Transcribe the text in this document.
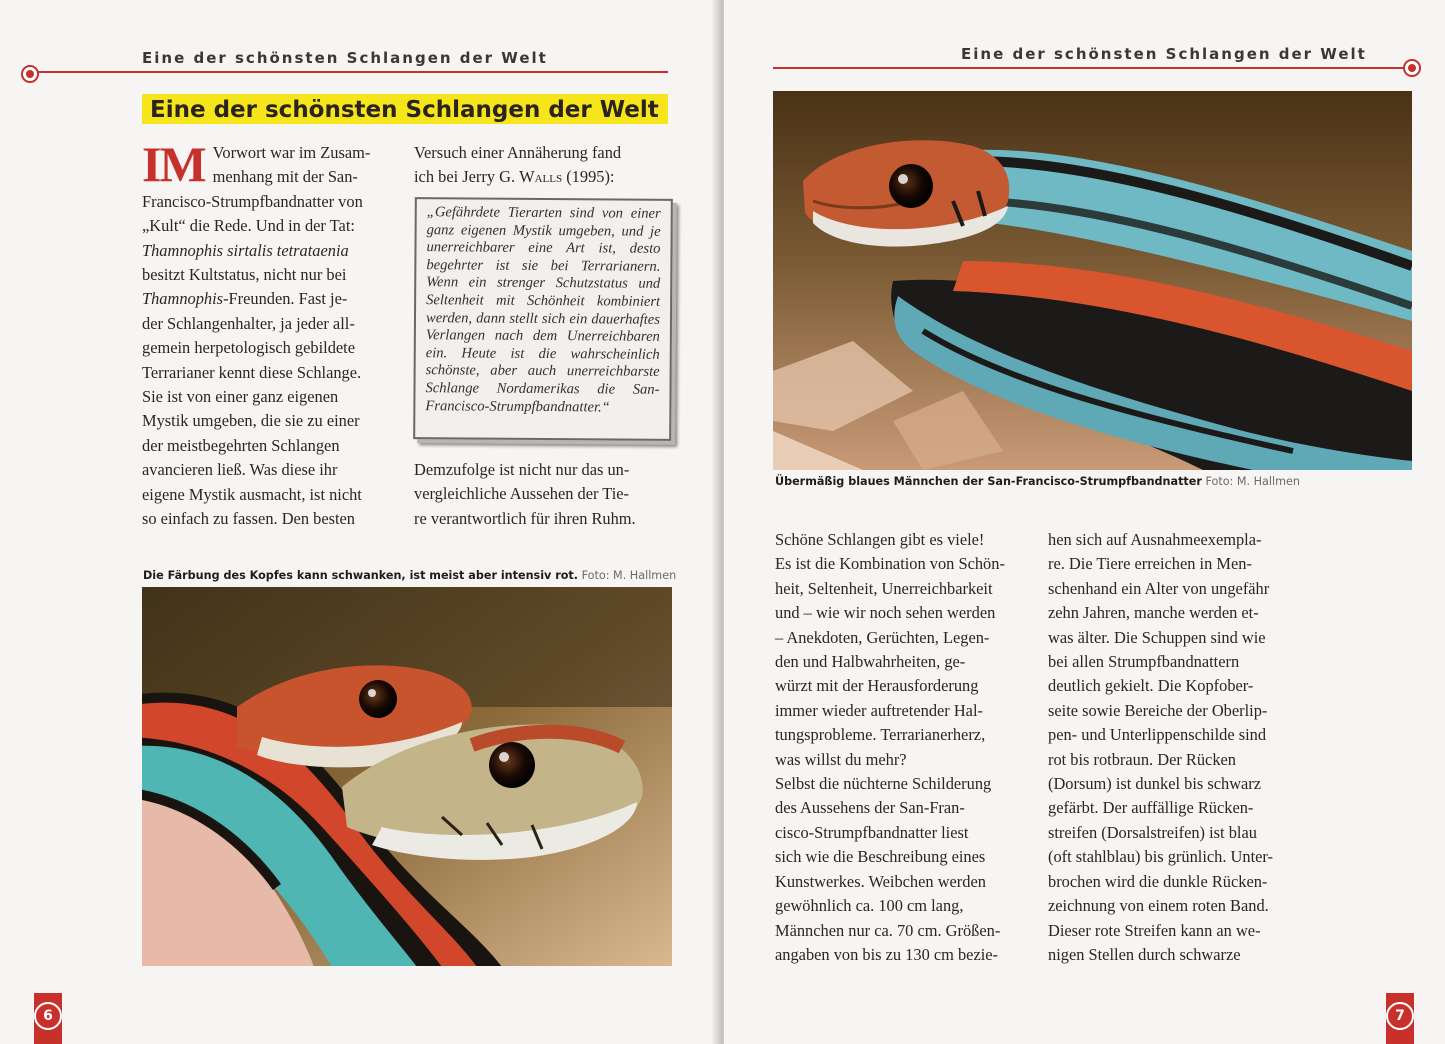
Eine der schönsten Schlangen der Welt
Eine der schönsten Schlangen der Welt
IM Vorwort war im Zusam-

menhang mit der San-

Francisco-Strumpfbandnatter von

„Kult“ die Rede. Und in der Tat:

Thamnophis sirtalis tetrataenia

besitzt Kultstatus, nicht nur bei

Thamnophis-Freunden. Fast je-

der Schlangenhalter, ja jeder all-

gemein herpetologisch gebildete

Terrarianer kennt diese Schlange.

Sie ist von einer ganz eigenen

Mystik umgeben, die sie zu einer

der meistbegehrten Schlangen

avancieren ließ. Was diese ihr

eigene Mystik ausmacht, ist nicht

so einfach zu fassen. Den besten

Versuch einer Annäherung fand

ich bei Jerry G. Walls (1995):

„Gefährdete Tierarten sind von einer ganz eigenen Mystik umgeben, und je unerreichbarer eine Art ist, desto begehrter ist sie bei Terrarianern. Wenn ein strenger Schutzstatus und Seltenheit mit Schönheit kombiniert werden, dann stellt sich ein dauerhaftes Verlangen nach dem Unerreichbaren ein. Heute ist die wahrscheinlich schönste, aber auch unerreichbarste Schlange Nordamerikas die San-Francisco-Strumpfbandnatter.“

Demzufolge ist nicht nur das un-

vergleichliche Aussehen der Tie-

re verantwortlich für ihren Ruhm.

Die Färbung des Kopfes kann schwanken, ist meist aber intensiv rot. Foto: M. Hallmen
6
Eine der schönsten Schlangen der Welt
Übermäßig blaues Männchen der San-Francisco-Strumpfbandnatter Foto: M. Hallmen

Schöne Schlangen gibt es viele!

Es ist die Kombination von Schön-

heit, Seltenheit, Unerreichbarkeit

und – wie wir noch sehen werden

– Anekdoten, Gerüchten, Legen-

den und Halbwahrheiten, ge-

würzt mit der Herausforderung

immer wieder auftretender Hal-

tungsprobleme. Terrarianerherz,

was willst du mehr?

Selbst die nüchterne Schilderung

des Aussehens der San-Fran-

cisco-Strumpfbandnatter liest

sich wie die Beschreibung eines

Kunstwerkes. Weibchen werden

gewöhnlich ca. 100 cm lang,

Männchen nur ca. 70 cm. Größen-

angaben von bis zu 130 cm bezie-

hen sich auf Ausnahmeexempla-

re. Die Tiere erreichen in Men-

schenhand ein Alter von ungefähr

zehn Jahren, manche werden et-

was älter. Die Schuppen sind wie

bei allen Strumpfbandnattern

deutlich gekielt. Die Kopfober-

seite sowie Bereiche der Oberlip-

pen- und Unterlippenschilde sind

rot bis rotbraun. Der Rücken

(Dorsum) ist dunkel bis schwarz

gefärbt. Der auffällige Rücken-

streifen (Dorsalstreifen) ist blau

(oft stahlblau) bis grünlich. Unter-

brochen wird die dunkle Rücken-

zeichnung von einem roten Band.

Dieser rote Streifen kann an we-

nigen Stellen durch schwarze

7
